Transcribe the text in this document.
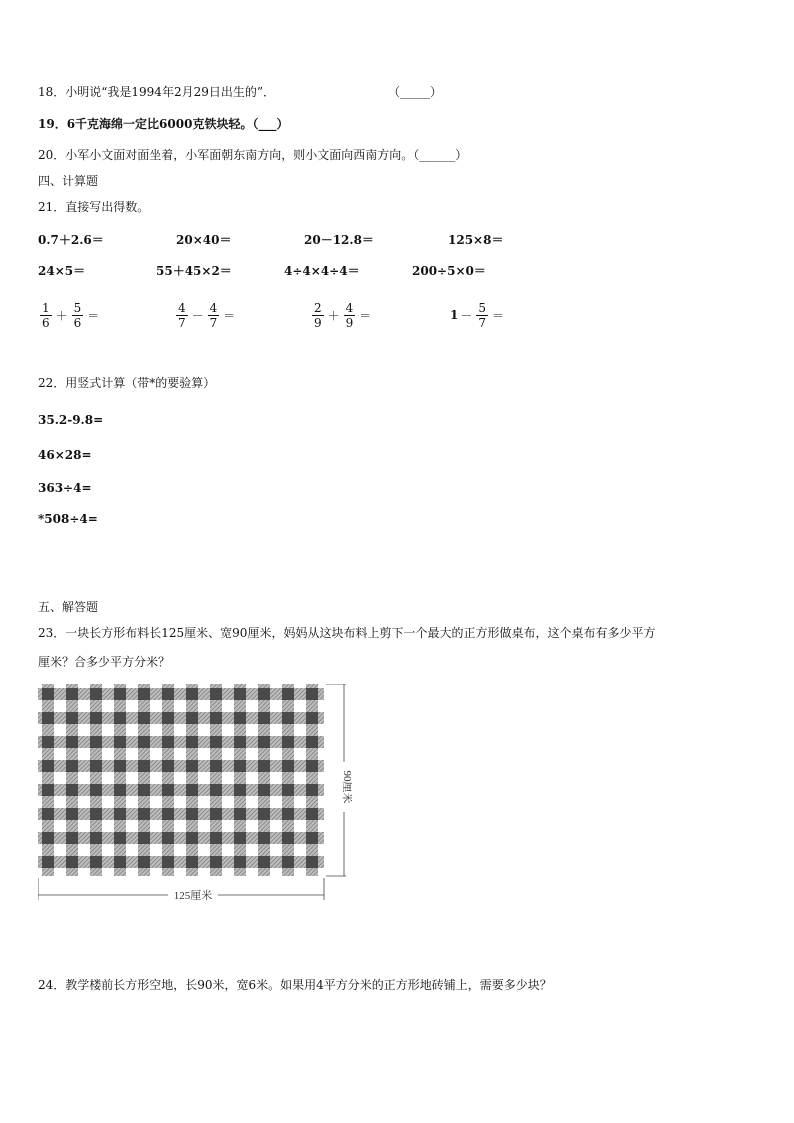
18．小明说“我是1994年2月29日出生的”．	（_____）
19．6千克海绵一定比6000克铁块轻。（___）
20．小军小文面对面坐着，小军面朝东南方向，则小文面向西南方向。（______）
四、计算题
21．直接写出得数。
0.7＋2.6＝	20×40＝	20－12.8＝	125×8＝
24×5＝	55＋45×2＝	4÷4×4÷4＝	200÷5×0＝
$\frac{1}{6} + \frac{5}{6}$ ＝	$\frac{4}{7} - \frac{4}{7}$ ＝	$\frac{2}{9} + \frac{4}{9}$ ＝	$1 - \frac{5}{7}$ ＝
22．用竖式计算（带*的要验算）
35.2-9.8=
46×28=
363÷4=
*508÷4=
五、解答题
23．一块长方形布料长125厘米、宽90厘米，妈妈从这块布料上剪下一个最大的正方形做桌布，这个桌布有多少平方
厘米？合多少平方分米？
125厘米
90厘米
24．教学楼前长方形空地，长90米，宽6米。如果用4平方分米的正方形地砖铺上，需要多少块？
